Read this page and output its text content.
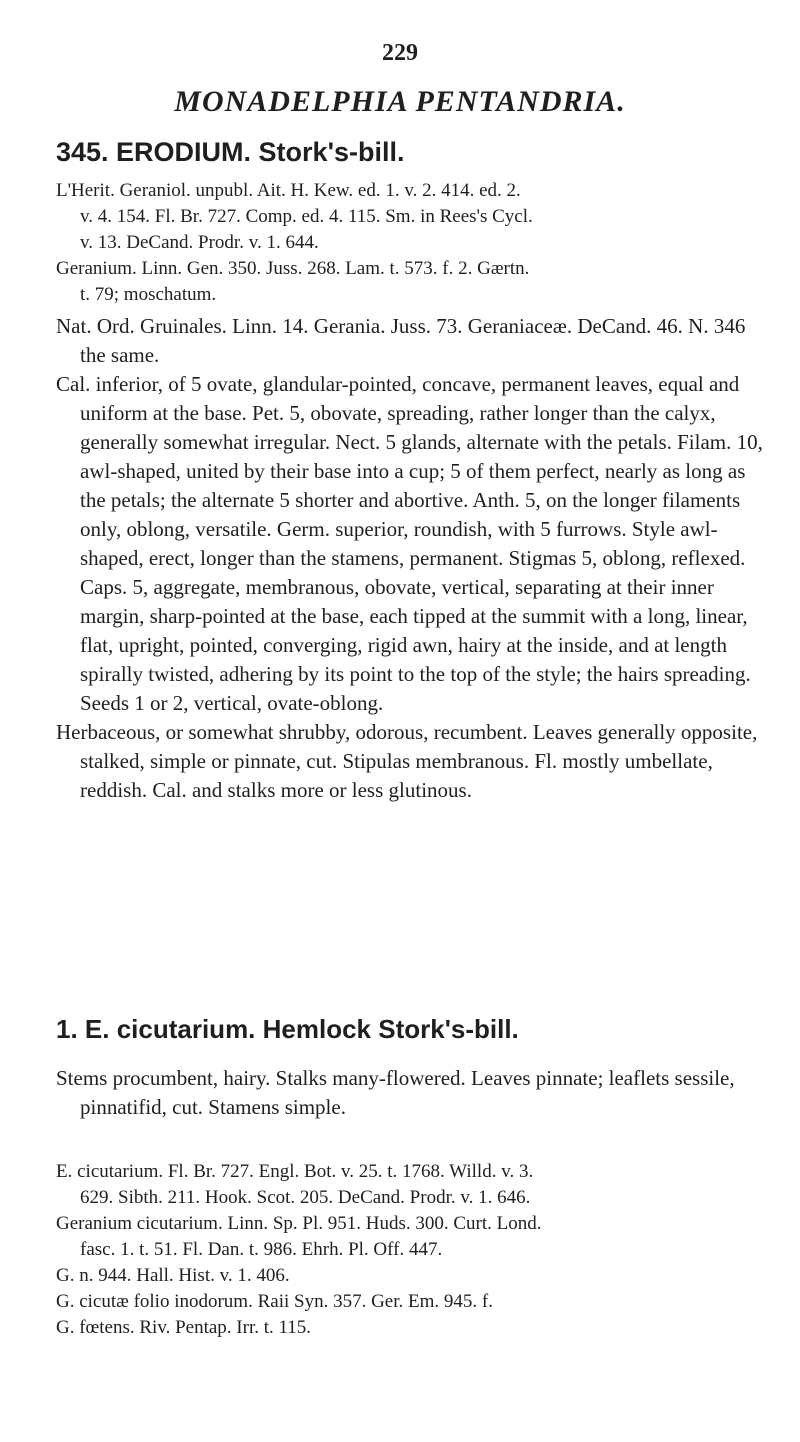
229
MONADELPHIA PENTANDRIA.
345. ERODIUM. Stork's-bill.
L'Herit. Geraniol. unpubl. Ait. H. Kew. ed. 1. v. 2. 414. ed. 2.
v. 4. 154. Fl. Br. 727. Comp. ed. 4. 115. Sm. in Rees's Cycl.
v. 13. DeCand. Prodr. v. 1. 644.
Geranium. Linn. Gen. 350. Juss. 268. Lam. t. 573. f. 2. Gærtn.
t. 79; moschatum.

Nat. Ord. Gruinales. Linn. 14. Gerania. Juss. 73. Geraniaceæ. DeCand. 46. N. 346 the same.

Cal. inferior, of 5 ovate, glandular-pointed, concave, permanent leaves, equal and uniform at the base. Pet. 5, obovate, spreading, rather longer than the calyx, generally somewhat irregular. Nect. 5 glands, alternate with the petals. Filam. 10, awl-shaped, united by their base into a cup; 5 of them perfect, nearly as long as the petals; the alternate 5 shorter and abortive. Anth. 5, on the longer filaments only, oblong, versatile. Germ. superior, roundish, with 5 furrows. Style awl-shaped, erect, longer than the stamens, permanent. Stigmas 5, oblong, reflexed. Caps. 5, aggregate, membranous, obovate, vertical, separating at their inner margin, sharp-pointed at the base, each tipped at the summit with a long, linear, flat, upright, pointed, converging, rigid awn, hairy at the inside, and at length spirally twisted, adhering by its point to the top of the style; the hairs spreading. Seeds 1 or 2, vertical, ovate-oblong.

Herbaceous, or somewhat shrubby, odorous, recumbent. Leaves generally opposite, stalked, simple or pinnate, cut. Stipulas membranous. Fl. mostly umbellate, reddish. Cal. and stalks more or less glutinous.

1. E. cicutarium. Hemlock Stork's-bill.

Stems procumbent, hairy. Stalks many-flowered. Leaves pinnate; leaflets sessile, pinnatifid, cut. Stamens simple.

E. cicutarium. Fl. Br. 727. Engl. Bot. v. 25. t. 1768. Willd. v. 3.
629. Sibth. 211. Hook. Scot. 205. DeCand. Prodr. v. 1. 646.
Geranium cicutarium. Linn. Sp. Pl. 951. Huds. 300. Curt. Lond.
fasc. 1. t. 51. Fl. Dan. t. 986. Ehrh. Pl. Off. 447.
G. n. 944. Hall. Hist. v. 1. 406.
G. cicutæ folio inodorum. Raii Syn. 357. Ger. Em. 945. f.
G. fœtens. Riv. Pentap. Irr. t. 115.
